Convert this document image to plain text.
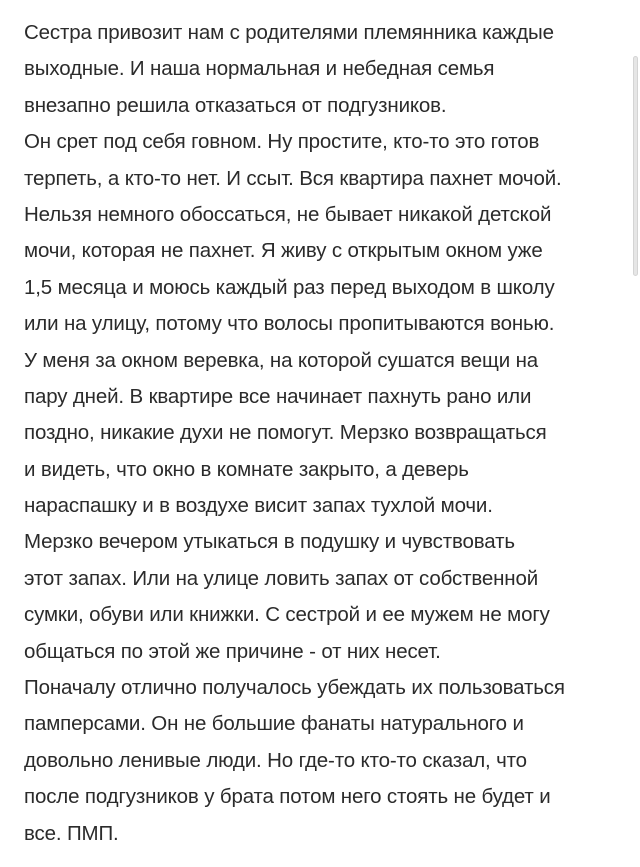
Сестра привозит нам с родителями племянника каждые
выходные. И наша нормальная и небедная семья
внезапно решила отказаться от подгузников.
Он срет под себя говном. Ну простите, кто-то это готов
терпеть, а кто-то нет. И ссыт. Вся квартира пахнет мочой.
Нельзя немного обоссаться, не бывает никакой детской
мочи, которая не пахнет. Я живу с открытым окном уже
1,5 месяца и моюсь каждый раз перед выходом в школу
или на улицу, потому что волосы пропитываются вонью.
У меня за окном веревка, на которой сушатся вещи на
пару дней. В квартире все начинает пахнуть рано или
поздно, никакие духи не помогут. Мерзко возвращаться
и видеть, что окно в комнате закрыто, а деверь
нараспашку и в воздухе висит запах тухлой мочи.
Мерзко вечером утыкаться в подушку и чувствовать
этот запах. Или на улице ловить запах от собственной
сумки, обуви или книжки. С сестрой и ее мужем не могу
общаться по этой же причине - от них несет.
Поначалу отлично получалось убеждать их пользоваться
памперсами. Он не большие фанаты натурального и
довольно ленивые люди. Но где-то кто-то сказал, что
после подгузников у брата потом него стоять не будет и
все. ПМП.
